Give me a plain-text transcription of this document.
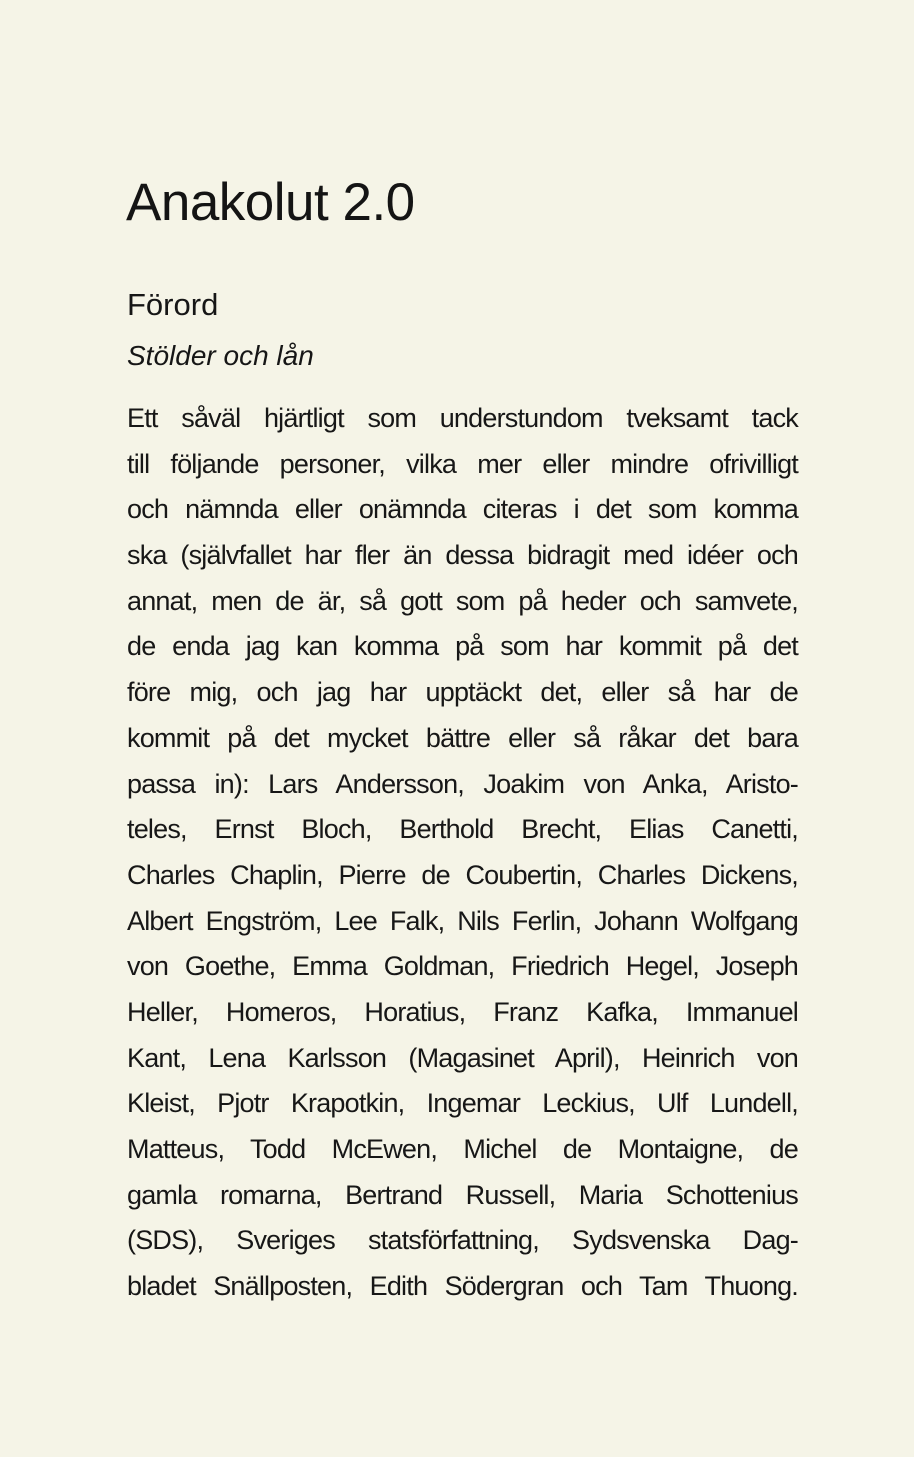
Anakolut 2.0
Förord
Stölder och lån
Ett såväl hjärtligt som understundom tveksamt tack
till följande personer, vilka mer eller mindre ofrivilligt
och nämnda eller onämnda citeras i det som komma
ska (självfallet har fler än dessa bidragit med idéer och
annat, men de är, så gott som på heder och samvete,
de enda jag kan komma på som har kommit på det
före mig, och jag har upptäckt det, eller så har de
kommit på det mycket bättre eller så råkar det bara
passa in): Lars Andersson, Joakim von Anka, Aristo-
teles, Ernst Bloch, Berthold Brecht, Elias Canetti,
Charles Chaplin, Pierre de Coubertin, Charles Dickens,
Albert Engström, Lee Falk, Nils Ferlin, Johann Wolfgang
von Goethe, Emma Goldman, Friedrich Hegel, Joseph
Heller, Homeros, Horatius, Franz Kafka, Immanuel
Kant, Lena Karlsson (Magasinet April), Heinrich von
Kleist, Pjotr Krapotkin, Ingemar Leckius, Ulf Lundell,
Matteus, Todd McEwen, Michel de Montaigne, de
gamla romarna, Bertrand Russell, Maria Schottenius
(SDS), Sveriges statsförfattning, Sydsvenska Dag-
bladet Snällposten, Edith Södergran och Tam Thuong.
